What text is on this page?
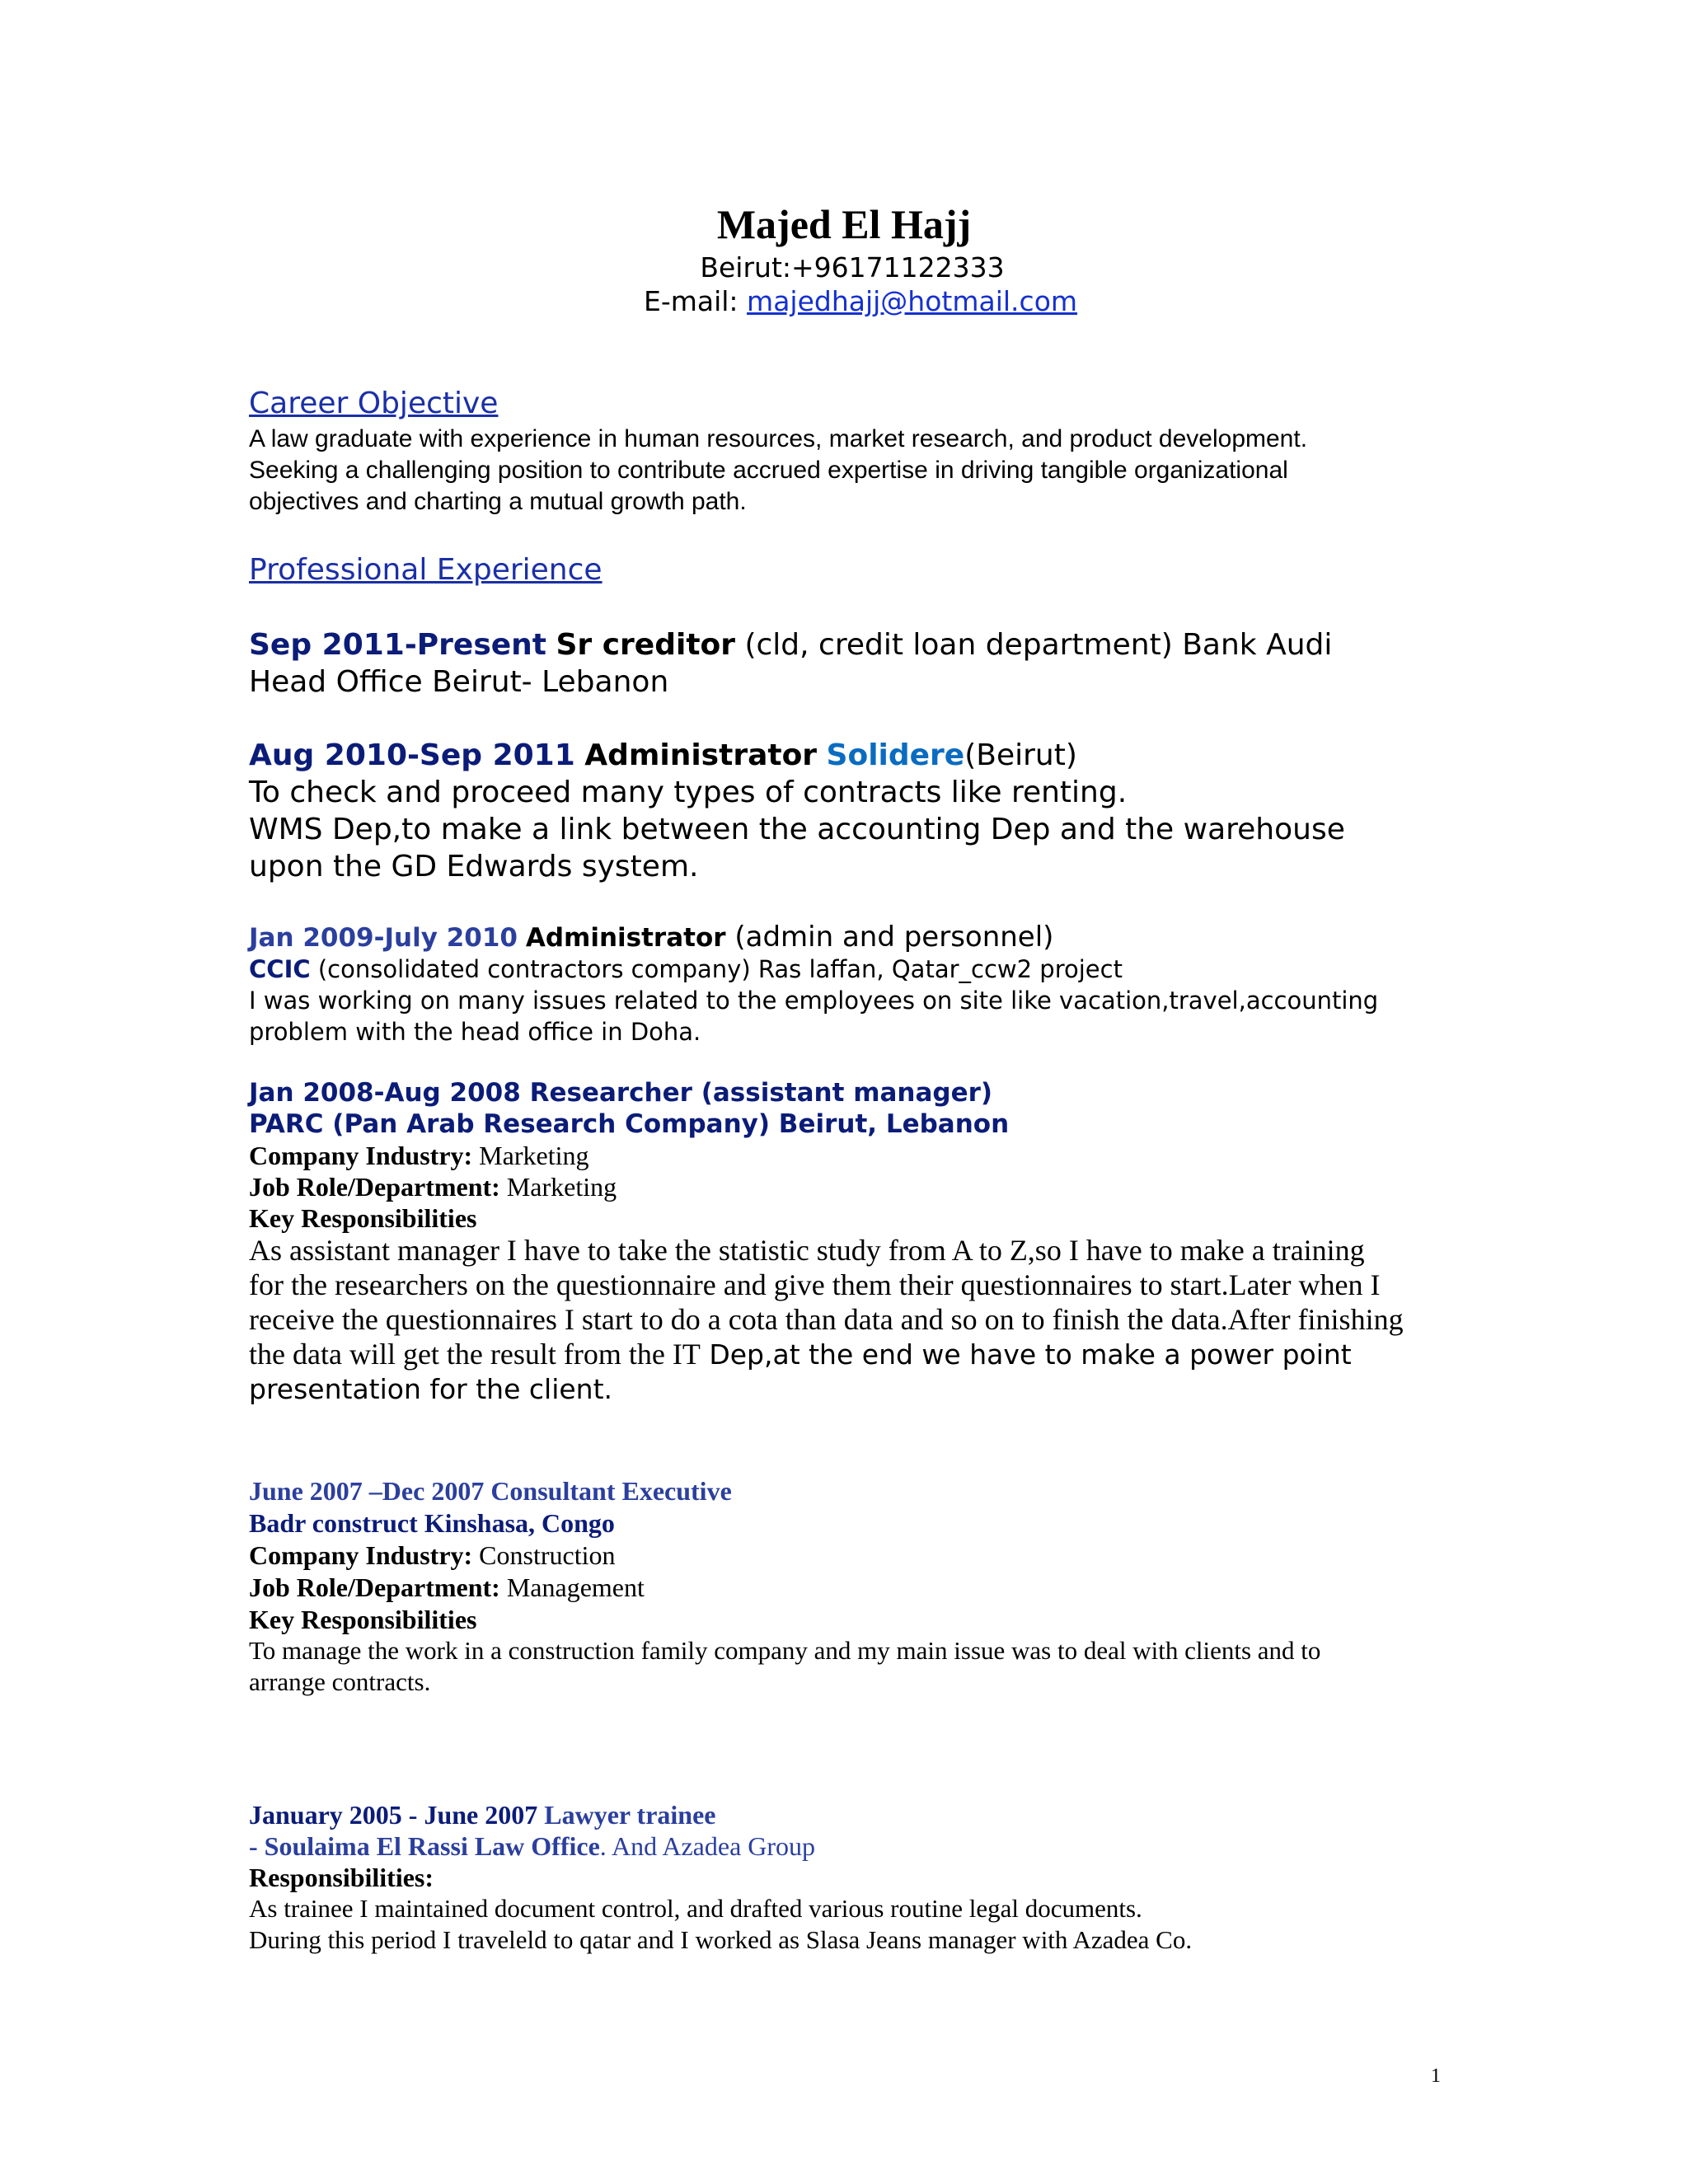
Majed El Hajj
Beirut:+96171122333
E-mail: majedhajj@hotmail.com
Career Objective
A law graduate with experience in human resources, market research, and product development.
Seeking a challenging position to contribute accrued expertise in driving tangible organizational
objectives and charting a mutual growth path.
Professional Experience
Sep 2011-Present Sr creditor (cld, credit loan department) Bank Audi
Head Office Beirut- Lebanon
Aug 2010-Sep 2011 Administrator Solidere(Beirut)
To check and proceed many types of contracts like renting.
WMS Dep,to make a link between the accounting Dep and the warehouse
upon the GD Edwards system.
Jan 2009-July 2010 Administrator (admin and personnel)
CCIC (consolidated contractors company) Ras laffan, Qatar_ccw2 project
I was working on many issues related to the employees on site like vacation,travel,accounting
problem with the head office in Doha.
Jan 2008-Aug 2008 Researcher (assistant manager)
PARC (Pan Arab Research Company) Beirut, Lebanon
Company Industry: Marketing
Job Role/Department: Marketing
Key Responsibilities
As assistant manager I have to take the statistic study from A to Z,so I have to make a training
for the researchers on the questionnaire and give them their questionnaires to start.Later when I
receive the questionnaires I start to do a cota than data and so on to finish the data.After finishing
the data will get the result from the IT Dep,at the end we have to make a power point
presentation for the client.
June 2007 –Dec 2007 Consultant Executive
Badr construct Kinshasa, Congo
Company Industry: Construction
Job Role/Department: Management
Key Responsibilities
To manage the work in a construction family company and my main issue was to deal with clients and to
arrange contracts.
January 2005 - June 2007 Lawyer trainee
- Soulaima El Rassi Law Office. And Azadea Group
Responsibilities:
As trainee I maintained document control, and drafted various routine legal documents.
During this period I traveleld to qatar and I worked as Slasa Jeans manager with Azadea Co.
1
